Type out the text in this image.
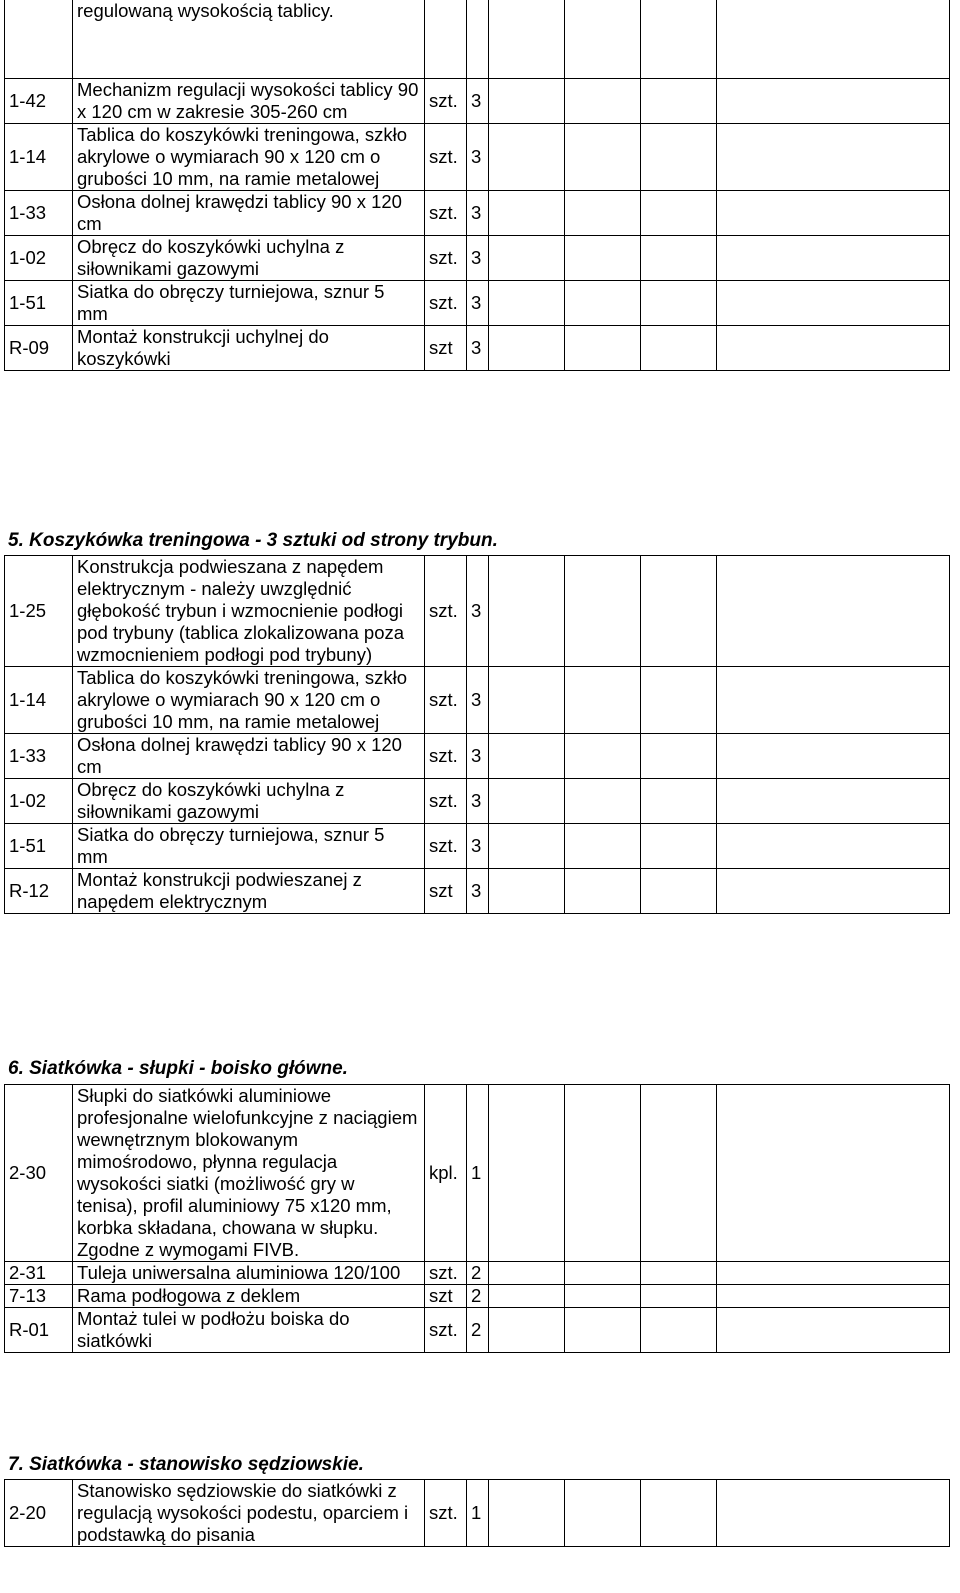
	regulowaną wysokością tablicy.						
1-42	Mechanizm regulacji wysokości tablicy 90 x 120 cm w zakresie 305-260 cm	szt.	3				
1-14	Tablica do koszykówki treningowa, szkło akrylowe o wymiarach 90 x 120 cm o grubości 10 mm, na ramie metalowej	szt.	3				
1-33	Osłona dolnej krawędzi tablicy 90 x 120 cm	szt.	3				
1-02	Obręcz do koszykówki uchylna z siłownikami gazowymi	szt.	3				
1-51	Siatka do obręczy turniejowa, sznur 5 mm	szt.	3				
R-09	Montaż konstrukcji uchylnej do koszykówki	szt	3				
5. Koszykówka treningowa - 3 sztuki od strony trybun.
1-25	Konstrukcja podwieszana z napędem elektrycznym - należy uwzględnić głębokość trybun i wzmocnienie podłogi pod trybuny (tablica zlokalizowana poza wzmocnieniem podłogi pod trybuny)	szt.	3				
1-14	Tablica do koszykówki treningowa, szkło akrylowe o wymiarach 90 x 120 cm o grubości 10 mm, na ramie metalowej	szt.	3				
1-33	Osłona dolnej krawędzi tablicy 90 x 120 cm	szt.	3				
1-02	Obręcz do koszykówki uchylna z siłownikami gazowymi	szt.	3				
1-51	Siatka do obręczy turniejowa, sznur 5 mm	szt.	3				
R-12	Montaż konstrukcji podwieszanej z napędem elektrycznym	szt	3				
6. Siatkówka - słupki - boisko główne.
2-30	Słupki do siatkówki aluminiowe profesjonalne wielofunkcyjne z naciągiem wewnętrznym blokowanym mimośrodowo, płynna regulacja wysokości siatki (możliwość gry w tenisa), profil aluminiowy 75 x120 mm, korbka składana, chowana w słupku. Zgodne z wymogami FIVB.	kpl.	1				
2-31	Tuleja uniwersalna aluminiowa 120/100	szt.	2				
7-13	Rama podłogowa z deklem	szt	2				
R-01	Montaż tulei w podłożu boiska do siatkówki	szt.	2				
7. Siatkówka - stanowisko sędziowskie.
2-20	Stanowisko sędziowskie do siatkówki z regulacją wysokości podestu, oparciem i podstawką do pisania	szt.	1				
